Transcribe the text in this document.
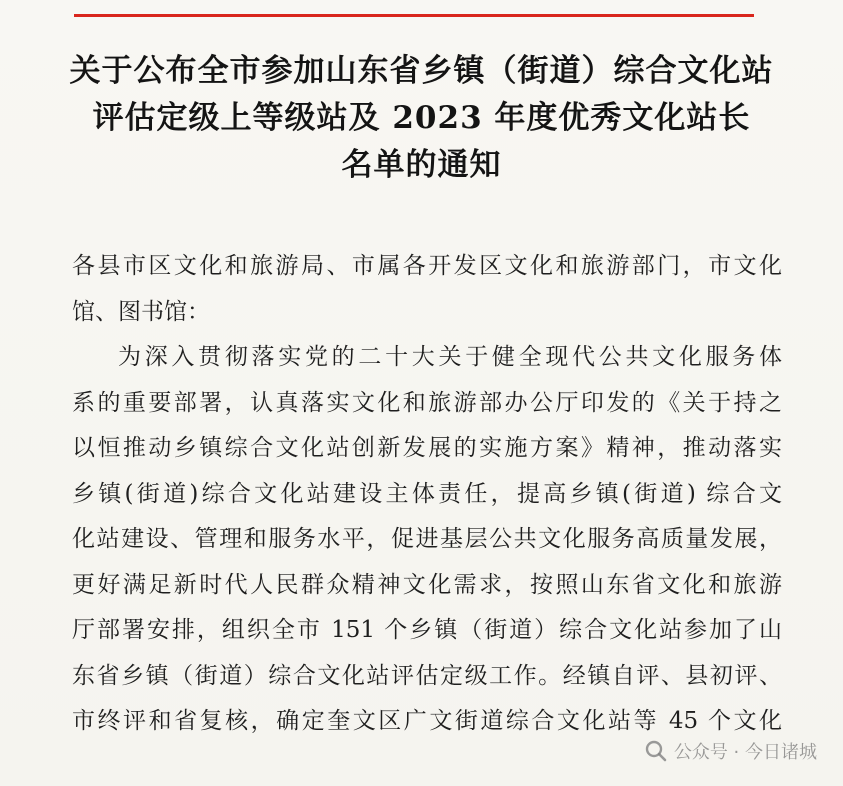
关于公布全市参加山东省乡镇（街道）综合文化站
评估定级上等级站及 2023 年度优秀文化站长
名单的通知

各县市区文化和旅游局、市属各开发区文化和旅游部门，市文化
馆、图书馆：

为深入贯彻落实党的二十大关于健全现代公共文化服务体
系的重要部署，认真落实文化和旅游部办公厅印发的《关于持之
以恒推动乡镇综合文化站创新发展的实施方案》精神，推动落实
乡镇(街道)综合文化站建设主体责任，提高乡镇(街道) 综合文
化站建设、管理和服务水平，促进基层公共文化服务高质量发展，
更好满足新时代人民群众精神文化需求，按照山东省文化和旅游
厅部署安排，组织全市 151 个乡镇（街道）综合文化站参加了山
东省乡镇（街道）综合文化站评估定级工作。经镇自评、县初评、
市终评和省复核，确定奎文区广文街道综合文化站等 45 个文化

公众号 · 今日诸城
